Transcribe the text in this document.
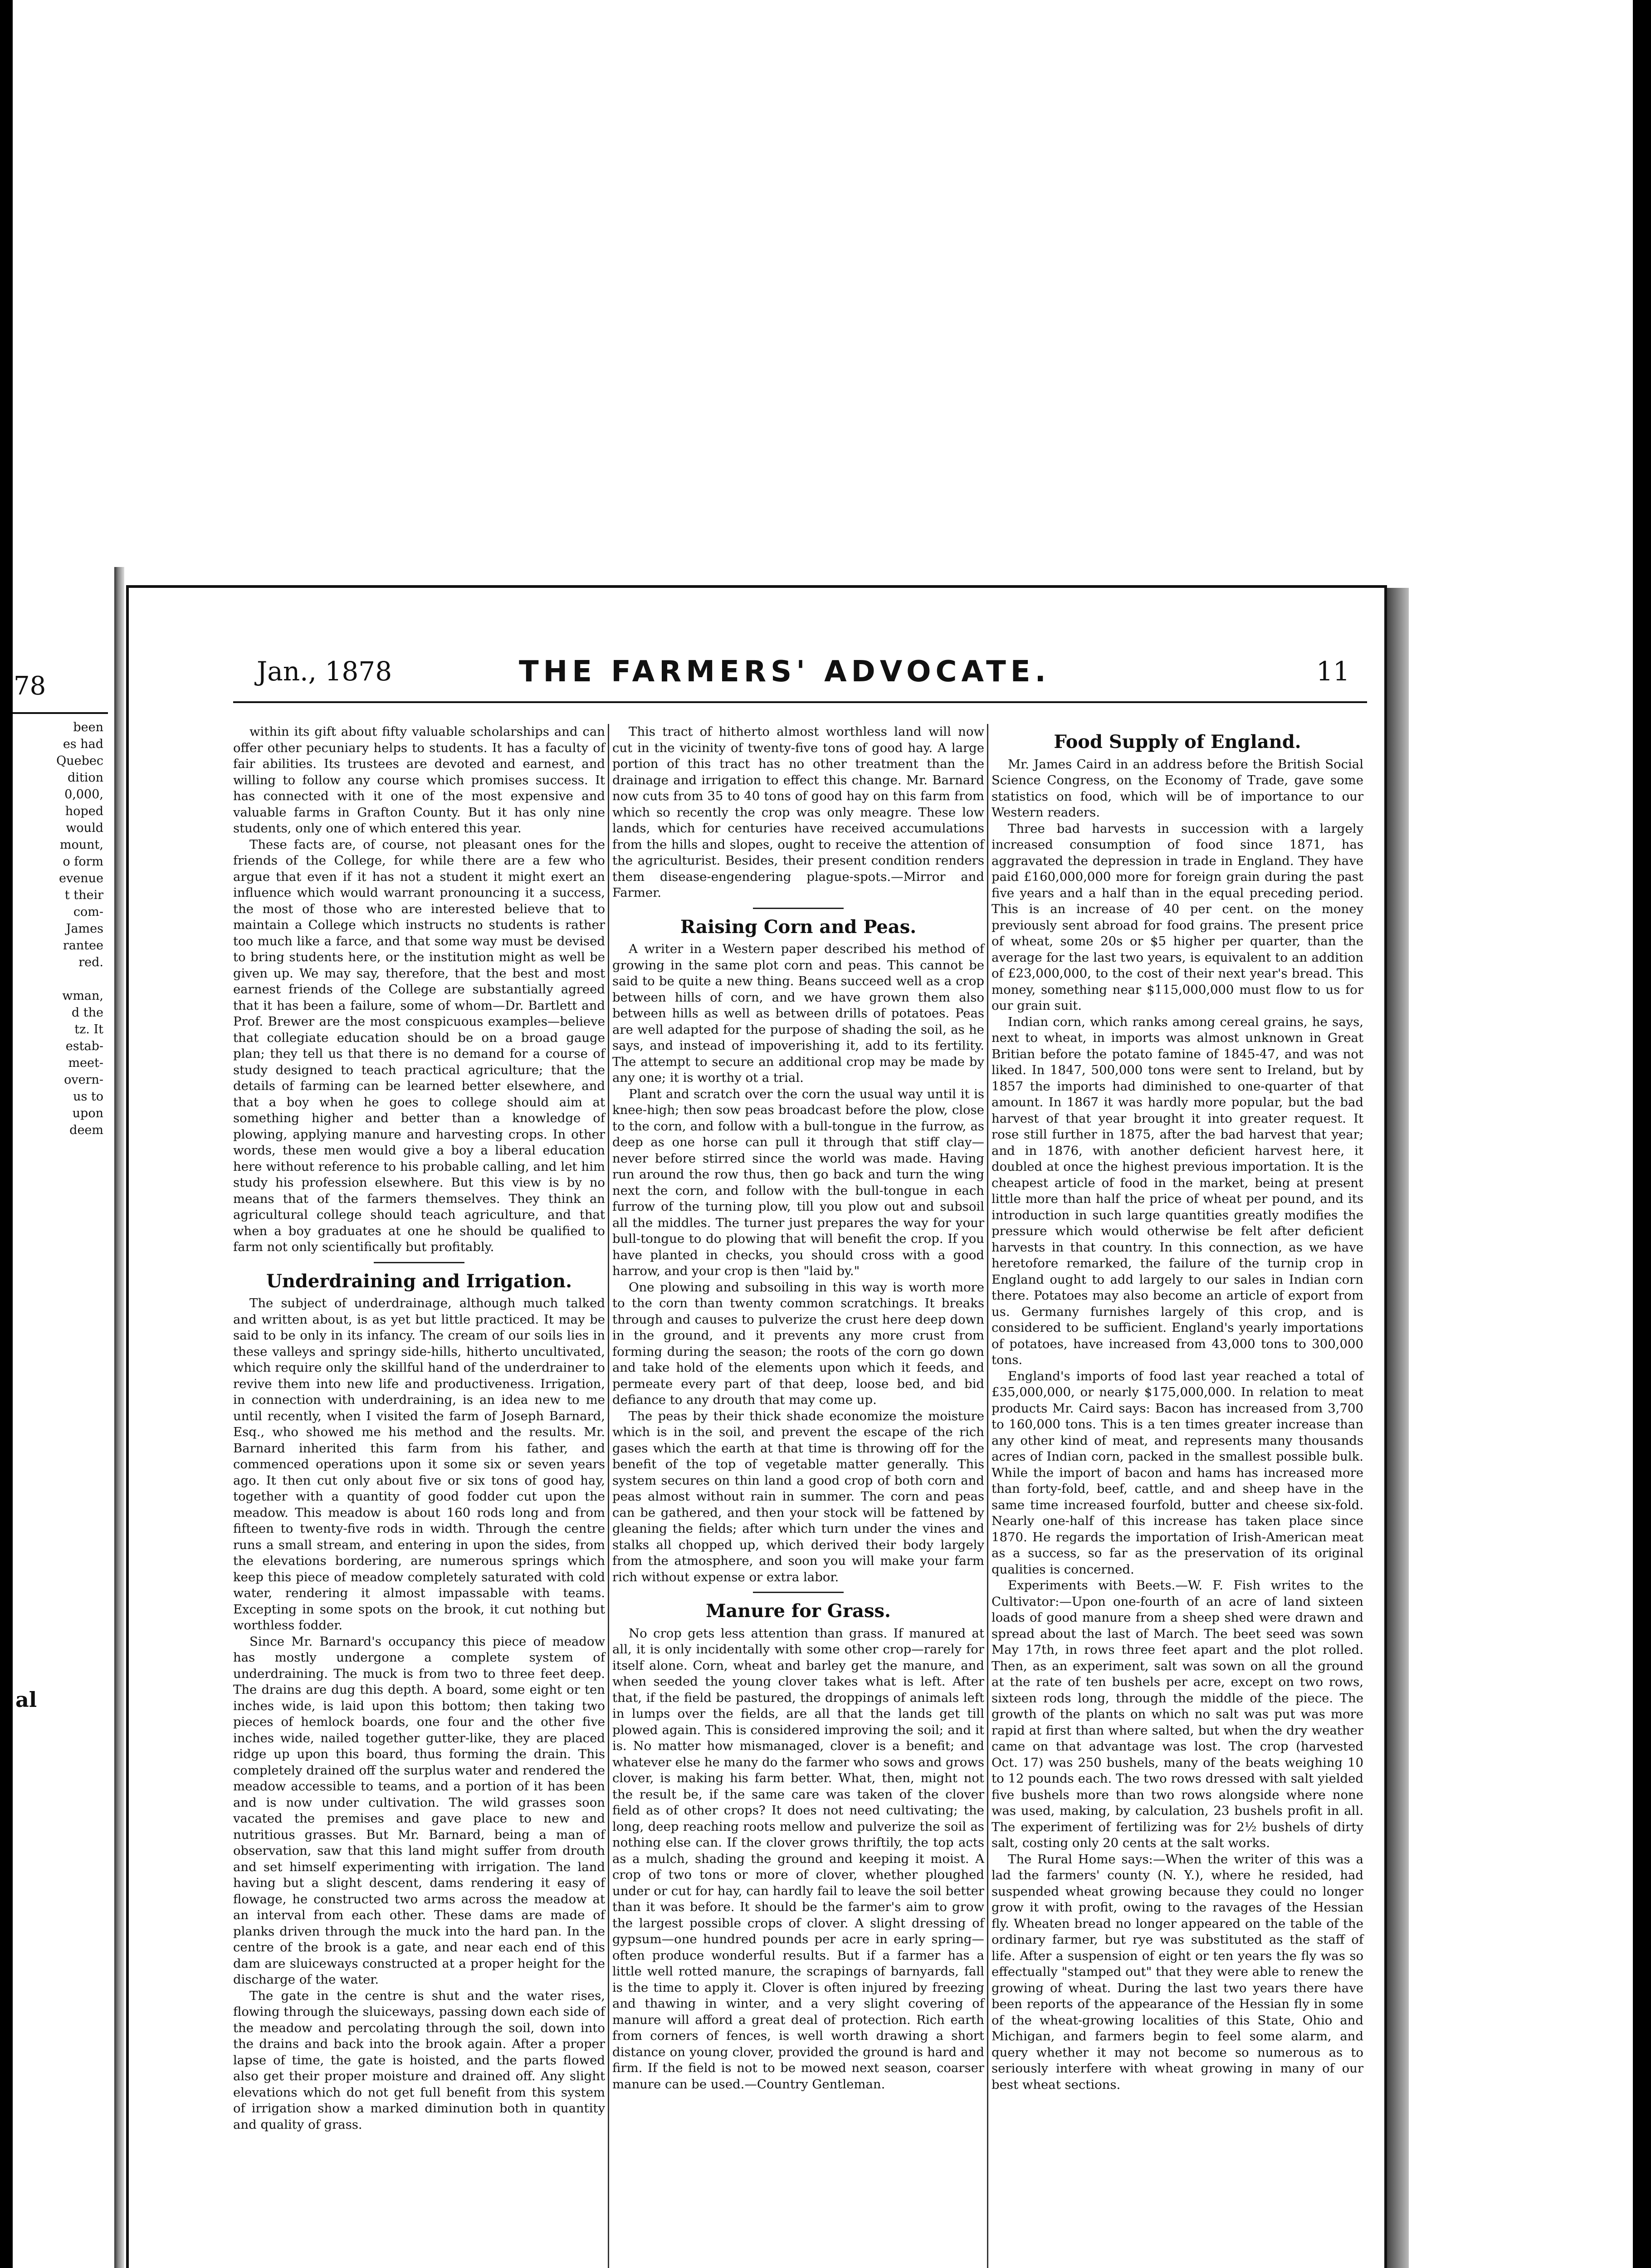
78
been
es had
Quebec
dition
0,000,
hoped
would
mount,
o form
evenue
t their
com-
James
rantee
red.

wman,
d the
tz. It
estab-
meet-
overn-
us to
upon
deem
al
Jan., 1878	THE FARMERS' ADVOCATE.	11

within its gift about fifty valuable scholarships and can offer other pecuniary helps to students. It has a faculty of fair abilities. Its trustees are devoted and earnest, and willing to follow any course which promises success. It has connected with it one of the most expensive and valuable farms in Grafton County. But it has only nine students, only one of which entered this year.

These facts are, of course, not pleasant ones for the friends of the College, for while there are a few who argue that even if it has not a student it might exert an influence which would warrant pronouncing it a success, the most of those who are interested believe that to maintain a College which instructs no students is rather too much like a farce, and that some way must be devised to bring students here, or the institution might as well be given up. We may say, therefore, that the best and most earnest friends of the College are substantially agreed that it has been a failure, some of whom—Dr. Bartlett and Prof. Brewer are the most conspicuous examples—believe that collegiate education should be on a broad gauge plan; they tell us that there is no demand for a course of study designed to teach practical agriculture; that the details of farming can be learned better elsewhere, and that a boy when he goes to college should aim at something higher and better than a knowledge of plowing, applying manure and harvesting crops. In other words, these men would give a boy a liberal education here without reference to his probable calling, and let him study his profession elsewhere. But this view is by no means that of the farmers themselves. They think an agricultural college should teach agriculture, and that when a boy graduates at one he should be qualified to farm not only scientifically but profitably.

Underdraining and Irrigation.

The subject of underdrainage, although much talked and written about, is as yet but little practiced. It may be said to be only in its infancy. The cream of our soils lies in these valleys and springy side-hills, hitherto uncultivated, which require only the skillful hand of the underdrainer to revive them into new life and productiveness. Irrigation, in connection with underdraining, is an idea new to me until recently, when I visited the farm of Joseph Barnard, Esq., who showed me his method and the results. Mr. Barnard inherited this farm from his father, and commenced operations upon it some six or seven years ago. It then cut only about five or six tons of good hay, together with a quantity of good fodder cut upon the meadow. This meadow is about 160 rods long and from fifteen to twenty-five rods in width. Through the centre runs a small stream, and entering in upon the sides, from the elevations bordering, are numerous springs which keep this piece of meadow completely saturated with cold water, rendering it almost impassable with teams. Excepting in some spots on the brook, it cut nothing but worthless fodder.

Since Mr. Barnard's occupancy this piece of meadow has mostly undergone a complete system of underdraining. The muck is from two to three feet deep. The drains are dug this depth. A board, some eight or ten inches wide, is laid upon this bottom; then taking two pieces of hemlock boards, one four and the other five inches wide, nailed together gutter-like, they are placed ridge up upon this board, thus forming the drain. This completely drained off the surplus water and rendered the meadow accessible to teams, and a portion of it has been and is now under cultivation. The wild grasses soon vacated the premises and gave place to new and nutritious grasses. But Mr. Barnard, being a man of observation, saw that this land might suffer from drouth and set himself experimenting with irrigation. The land having but a slight descent, dams rendering it easy of flowage, he constructed two arms across the meadow at an interval from each other. These dams are made of planks driven through the muck into the hard pan. In the centre of the brook is a gate, and near each end of this dam are sluiceways constructed at a proper height for the discharge of the water.

The gate in the centre is shut and the water rises, flowing through the sluiceways, passing down each side of the meadow and percolating through the soil, down into the drains and back into the brook again. After a proper lapse of time, the gate is hoisted, and the parts flowed also get their proper moisture and drained off. Any slight elevations which do not get full benefit from this system of irrigation show a marked diminution both in quantity and quality of grass.

This tract of hitherto almost worthless land will now cut in the vicinity of twenty-five tons of good hay. A large portion of this tract has no other treatment than the drainage and irrigation to effect this change. Mr. Barnard now cuts from 35 to 40 tons of good hay on this farm from which so recently the crop was only meagre. These low lands, which for centuries have received accumulations from the hills and slopes, ought to receive the attention of the agriculturist. Besides, their present condition renders them disease-engendering plague-spots.—Mirror and Farmer.

Raising Corn and Peas.

A writer in a Western paper described his method of growing in the same plot corn and peas. This cannot be said to be quite a new thing. Beans succeed well as a crop between hills of corn, and we have grown them also between hills as well as between drills of potatoes. Peas are well adapted for the purpose of shading the soil, as he says, and instead of impoverishing it, add to its fertility. The attempt to secure an additional crop may be made by any one; it is worthy ot a trial.

Plant and scratch over the corn the usual way until it is knee-high; then sow peas broadcast before the plow, close to the corn, and follow with a bull-tongue in the furrow, as deep as one horse can pull it through that stiff clay—never before stirred since the world was made. Having run around the row thus, then go back and turn the wing next the corn, and follow with the bull-tongue in each furrow of the turning plow, till you plow out and subsoil all the middles. The turner just prepares the way for your bull-tongue to do plowing that will benefit the crop. If you have planted in checks, you should cross with a good harrow, and your crop is then "laid by."

One plowing and subsoiling in this way is worth more to the corn than twenty common scratchings. It breaks through and causes to pulverize the crust here deep down in the ground, and it prevents any more crust from forming during the season; the roots of the corn go down and take hold of the elements upon which it feeds, and permeate every part of that deep, loose bed, and bid defiance to any drouth that may come up.

The peas by their thick shade economize the moisture which is in the soil, and prevent the escape of the rich gases which the earth at that time is throwing off for the benefit of the top of vegetable matter generally. This system secures on thin land a good crop of both corn and peas almost without rain in summer. The corn and peas can be gathered, and then your stock will be fattened by gleaning the fields; after which turn under the vines and stalks all chopped up, which derived their body largely from the atmosphere, and soon you will make your farm rich without expense or extra labor.

Manure for Grass.

No crop gets less attention than grass. If manured at all, it is only incidentally with some other crop—rarely for itself alone. Corn, wheat and barley get the manure, and when seeded the young clover takes what is left. After that, if the field be pastured, the droppings of animals left in lumps over the fields, are all that the lands get till plowed again. This is considered improving the soil; and it is. No matter how mismanaged, clover is a benefit; and whatever else he many do the farmer who sows and grows clover, is making his farm better. What, then, might not the result be, if the same care was taken of the clover field as of other crops? It does not need cultivating; the long, deep reaching roots mellow and pulverize the soil as nothing else can. If the clover grows thriftily, the top acts as a mulch, shading the ground and keeping it moist. A crop of two tons or more of clover, whether ploughed under or cut for hay, can hardly fail to leave the soil better than it was before. It should be the farmer's aim to grow the largest possible crops of clover. A slight dressing of gypsum—one hundred pounds per acre in early spring—often produce wonderful results. But if a farmer has a little well rotted manure, the scrapings of barnyards, fall is the time to apply it. Clover is often injured by freezing and thawing in winter, and a very slight covering of manure will afford a great deal of protection. Rich earth from corners of fences, is well worth drawing a short distance on young clover, provided the ground is hard and firm. If the field is not to be mowed next season, coarser manure can be used.—Country Gentleman.

Food Supply of England.

Mr. James Caird in an address before the British Social Science Congress, on the Economy of Trade, gave some statistics on food, which will be of importance to our Western readers.

Three bad harvests in succession with a largely increased consumption of food since 1871, has aggravated the depression in trade in England. They have paid £160,000,000 more for foreign grain during the past five years and a half than in the equal preceding period. This is an increase of 40 per cent. on the money previously sent abroad for food grains. The present price of wheat, some 20s or $5 higher per quarter, than the average for the last two years, is equivalent to an addition of £23,000,000, to the cost of their next year's bread. This money, something near $115,000,000 must flow to us for our grain suit.

Indian corn, which ranks among cereal grains, he says, next to wheat, in imports was almost unknown in Great Britian before the potato famine of 1845-47, and was not liked. In 1847, 500,000 tons were sent to Ireland, but by 1857 the imports had diminished to one-quarter of that amount. In 1867 it was hardly more popular, but the bad harvest of that year brought it into greater request. It rose still further in 1875, after the bad harvest that year; and in 1876, with another deficient harvest here, it doubled at once the highest previous importation. It is the cheapest article of food in the market, being at present little more than half the price of wheat per pound, and its introduction in such large quantities greatly modifies the pressure which would otherwise be felt after deficient harvests in that country. In this connection, as we have heretofore remarked, the failure of the turnip crop in England ought to add largely to our sales in Indian corn there. Potatoes may also become an article of export from us. Germany furnishes largely of this crop, and is considered to be sufficient. England's yearly importations of potatoes, have increased from 43,000 tons to 300,000 tons.

England's imports of food last year reached a total of £35,000,000, or nearly $175,000,000. In relation to meat products Mr. Caird says: Bacon has increased from 3,700 to 160,000 tons. This is a ten times greater increase than any other kind of meat, and represents many thousands acres of Indian corn, packed in the smallest possible bulk. While the import of bacon and hams has increased more than forty-fold, beef, cattle, and and sheep have in the same time increased fourfold, butter and cheese six-fold. Nearly one-half of this increase has taken place since 1870. He regards the importation of Irish-American meat as a success, so far as the preservation of its original qualities is concerned.

Experiments with Beets.—W. F. Fish writes to the Cultivator:—Upon one-fourth of an acre of land sixteen loads of good manure from a sheep shed were drawn and spread about the last of March. The beet seed was sown May 17th, in rows three feet apart and the plot rolled. Then, as an experiment, salt was sown on all the ground at the rate of ten bushels per acre, except on two rows, sixteen rods long, through the middle of the piece. The growth of the plants on which no salt was put was more rapid at first than where salted, but when the dry weather came on that advantage was lost. The crop (harvested Oct. 17) was 250 bushels, many of the beats weighing 10 to 12 pounds each. The two rows dressed with salt yielded five bushels more than two rows alongside where none was used, making, by calculation, 23 bushels profit in all. The experiment of fertilizing was for 2½ bushels of dirty salt, costing only 20 cents at the salt works.

The Rural Home says:—When the writer of this was a lad the farmers' county (N. Y.), where he resided, had suspended wheat growing because they could no longer grow it with profit, owing to the ravages of the Hessian fly. Wheaten bread no longer appeared on the table of the ordinary farmer, but rye was substituted as the staff of life. After a suspension of eight or ten years the fly was so effectually "stamped out" that they were able to renew the growing of wheat. During the last two years there have been reports of the appearance of the Hessian fly in some of the wheat-growing localities of this State, Ohio and Michigan, and farmers begin to feel some alarm, and query whether it may not become so numerous as to seriously interfere with wheat growing in many of our best wheat sections.
